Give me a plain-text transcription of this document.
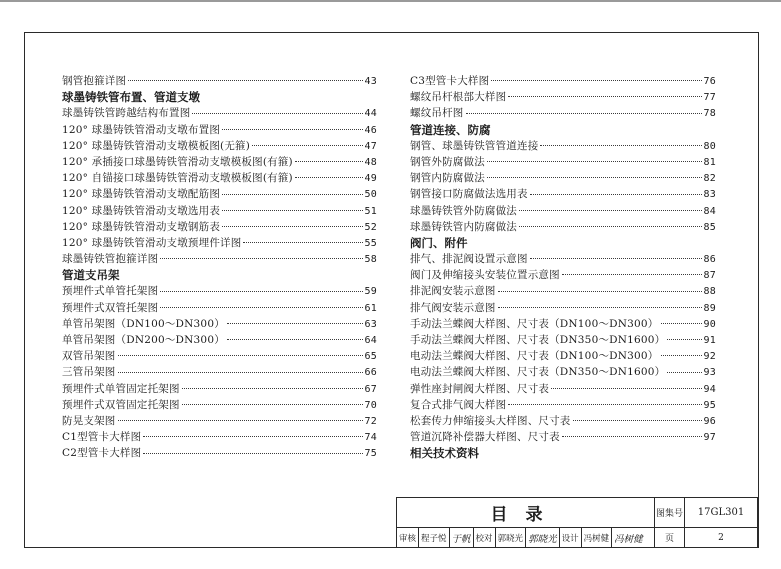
钢管抱箍详图	43
球墨铸铁管布置、管道支墩
球墨铸铁管跨越结构布置图	44
120° 球墨铸铁管滑动支墩布置图	46
120° 球墨铸铁管滑动支墩模板图(无箍)	47
120° 承插接口球墨铸铁管滑动支墩模板图(有箍)	48
120° 自锚接口球墨铸铁管滑动支墩模板图(有箍)	49
120° 球墨铸铁管滑动支墩配筋图	50
120° 球墨铸铁管滑动支墩选用表	51
120° 球墨铸铁管滑动支墩钢筋表	52
120° 球墨铸铁管滑动支墩预埋件详图	55
球墨铸铁管抱箍详图	58
管道支吊架
预埋件式单管托架图	59
预埋件式双管托架图	61
单管吊架图（DN100～DN300）	63
单管吊架图（DN200～DN300）	64
双管吊架图	65
三管吊架图	66
预埋件式单管固定托架图	67
预埋件式双管固定托架图	70
防晃支架图	72
C1型管卡大样图	74
C2型管卡大样图	75
C3型管卡大样图	76
螺纹吊杆根部大样图	77
螺纹吊杆图	78
管道连接、防腐
钢管、球墨铸铁管管道连接	80
钢管外防腐做法	81
钢管内防腐做法	82
钢管接口防腐做法选用表	83
球墨铸铁管外防腐做法	84
球墨铸铁管内防腐做法	85
阀门、附件
排气、排泥阀设置示意图	86
阀门及伸缩接头安装位置示意图	87
排泥阀安装示意图	88
排气阀安装示意图	89
手动法兰蝶阀大样图、尺寸表（DN100～DN300）	90
手动法兰蝶阀大样图、尺寸表（DN350～DN1600）	91
电动法兰蝶阀大样图、尺寸表（DN100～DN300）	92
电动法兰蝶阀大样图、尺寸表（DN350～DN1600）	93
弹性座封闸阀大样图、尺寸表	94
复合式排气阀大样图	95
松套传力伸缩接头大样图、尺寸表	96
管道沉降补偿器大样图、尺寸表	97
相关技术资料
目录	图集号	17GL301
页	2
审核 程子悦 于帆 校对 郭晓光 郭晓光 设计 冯树健 冯树健
